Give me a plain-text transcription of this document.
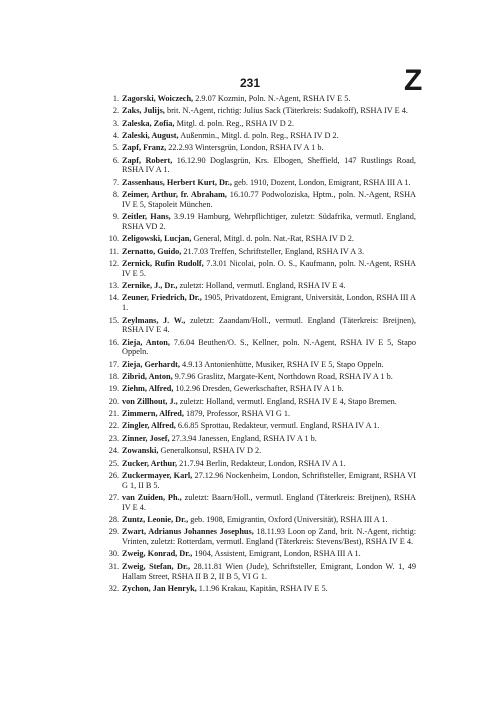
231	Z
1. Zagorski, Woiczech, 2.9.07 Kozmin, Poln. N.-Agent, RSHA IV E 5.
2. Zaks, Julijs, brit. N.-Agent, richtig: Julius Sack (Täterkreis: Sudakoff), RSHA IV E 4.
3. Zaleska, Zofia, Mitgl. d. poln. Reg., RSHA IV D 2.
4. Zaleski, August, Außenmin., Mitgl. d. poln. Reg., RSHA IV D 2.
5. Zapf, Franz, 22.2.93 Wintersgrün, London, RSHA IV A 1 b.
6. Zapf, Robert, 16.12.90 Doglasgrün, Krs. Elbogen, Sheffield, 147 Rustlings Road, RSHA IV A 1.
7. Zassenhaus, Herbert Kurt, Dr., geb. 1910, Dozent, London, Emigrant, RSHA III A 1.
8. Zeimer, Arthur, fr. Abraham, 16.10.77 Podwoloziska, Hptm., poln. N.-Agent, RSHA IV E 5, Stapoleit München.
9. Zeitler, Hans, 3.9.19 Hamburg, Wehrpflichtiger, zuletzt: Südafrika, vermutl. England, RSHA VD 2.
10. Zeligowski, Lucjan, General, Mitgl. d. poln. Nat.-Rat, RSHA IV D 2.
11. Zernatto, Guido, 21.7.03 Treffen, Schriftsteller, England, RSHA IV A 3.
12. Zernick, Rufin Rudolf, 7.3.01 Nicolai, poln. O. S., Kaufmann, poln. N.-Agent, RSHA IV E 5.
13. Zernike, J., Dr., zuletzt: Holland, vermutl. England, RSHA IV E 4.
14. Zeuner, Friedrich, Dr., 1905, Privatdozent, Emigrant, Universität, London, RSHA III A 1.
15. Zeylmans, J. W., zuletzt: Zaandam/Holl., vermutl. England (Täterkreis: Breijnen), RSHA IV E 4.
16. Zieja, Anton, 7.6.04 Beuthen/O. S., Kellner, poln. N.-Agent, RSHA IV E 5, Stapo Oppeln.
17. Zieja, Gerhardt, 4.9.13 Antonienhütte, Musiker, RSHA IV E 5, Stapo Oppeln.
18. Zibrid, Anton, 9.7.96 Graslitz, Margate-Kent, Northdown Road, RSHA IV A 1 b.
19. Ziehm, Alfred, 10.2.96 Dresden, Gewerkschafter, RSHA IV A 1 b.
20. von Zillhout, J., zuletzt: Holland, vermutl. England, RSHA IV E 4, Stapo Bremen.
21. Zimmern, Alfred, 1879, Professor, RSHA VI G 1.
22. Zingler, Alfred, 6.6.85 Sprottau, Redakteur, vermutl. England, RSHA IV A 1.
23. Zinner, Josef, 27.3.94 Janessen, England, RSHA IV A 1 b.
24. Zowanski, Generalkonsul, RSHA IV D 2.
25. Zucker, Arthur, 21.7.94 Berlin, Redakteur, London, RSHA IV A 1.
26. Zuckermayer, Karl, 27.12.96 Nockenheim, London, Schriftsteller, Emigrant, RSHA VI G 1, II B 5.
27. van Zuiden, Ph., zuletzt: Baarn/Holl., vermutl. England (Täterkreis: Breijnen), RSHA IV E 4.
28. Zuntz, Leonie, Dr., geb. 1908, Emigrantin, Oxford (Universität), RSHA III A 1.
29. Zwart, Adrianus Johannes Josephus, 18.11.93 Loon op Zand, brit. N.-Agent, richtig: Vrinten, zuletzt: Rotterdam, vermutl. England (Täterkreis: Stevens/Best), RSHA IV E 4.
30. Zweig, Konrad, Dr., 1904, Assistent, Emigrant, London, RSHA III A 1.
31. Zweig, Stefan, Dr., 28.11.81 Wien (Jude), Schriftsteller, Emigrant, London W. 1, 49 Hallam Street, RSHA II B 2, II B 5, VI G 1.
32. Zychon, Jan Henryk, 1.1.96 Krakau, Kapitän, RSHA IV E 5.
